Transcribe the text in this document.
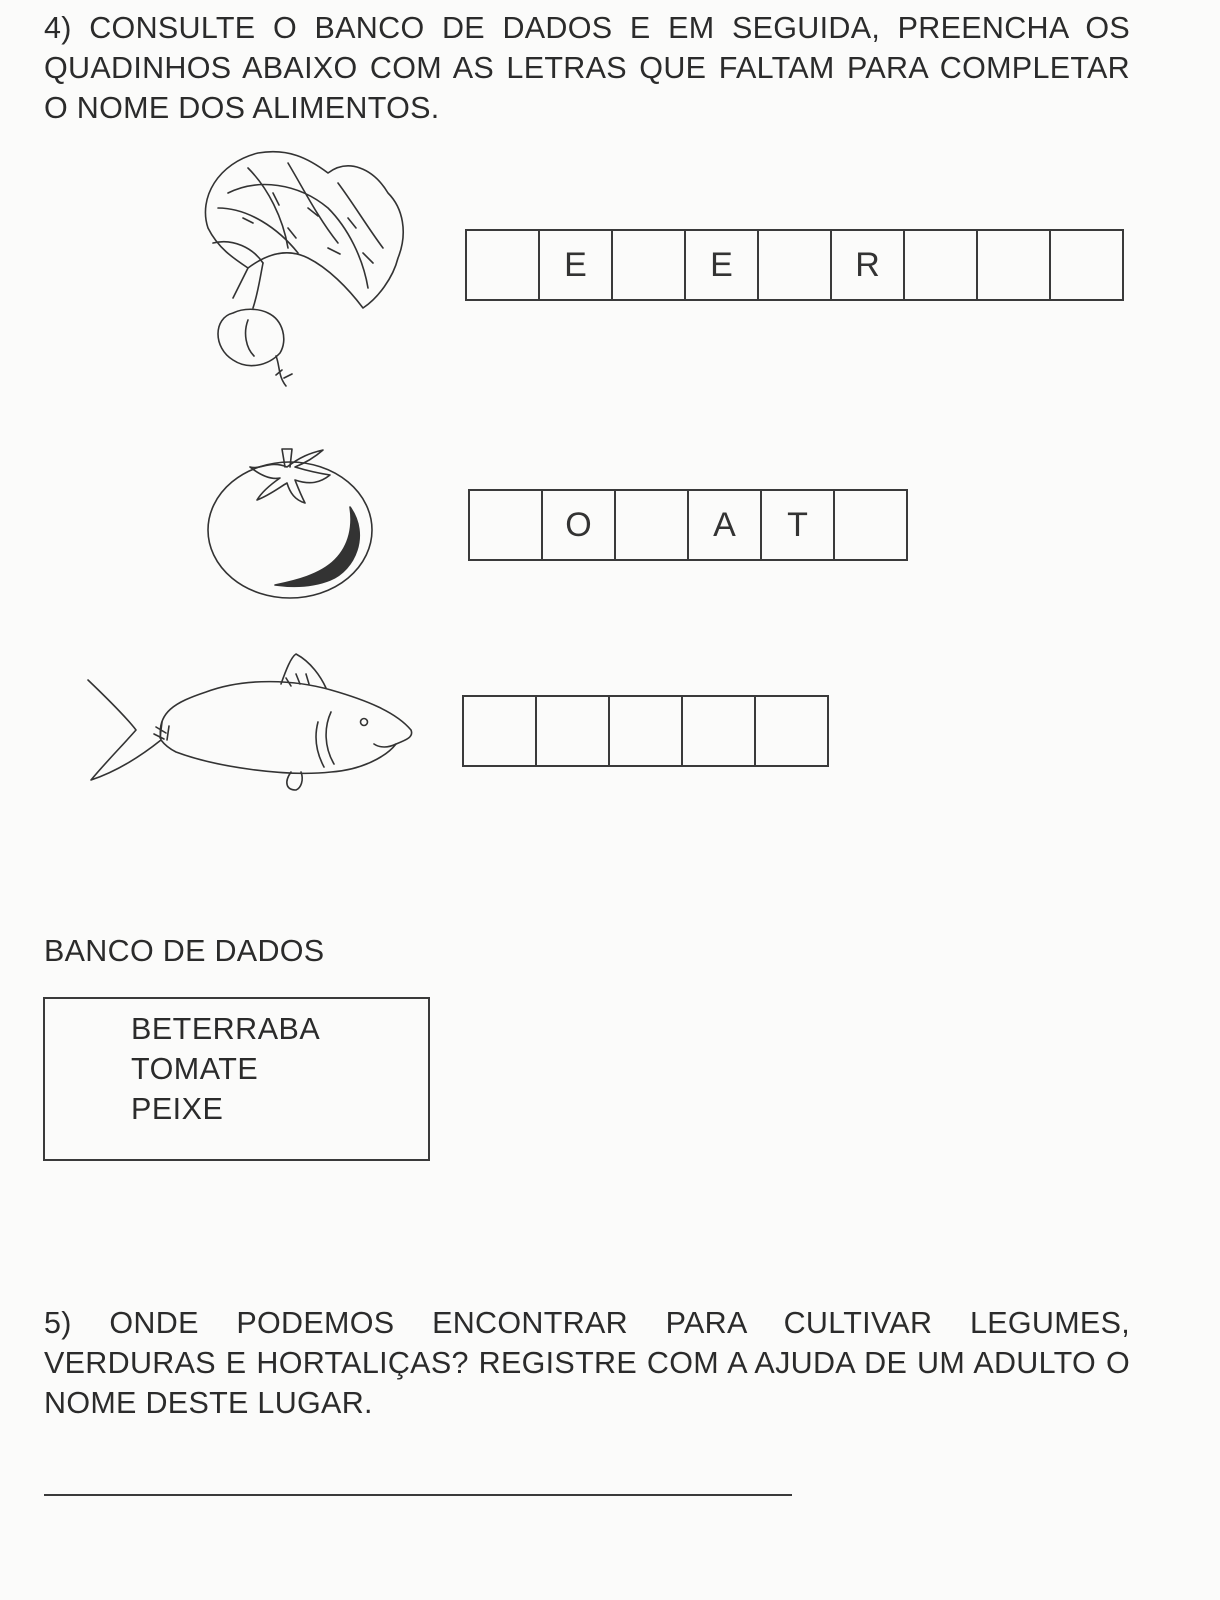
4) CONSULTE O BANCO DE DADOS E EM SEGUIDA, PREENCHA OS QUADINHOS ABAIXO COM AS LETRAS QUE FALTAM PARA COMPLETAR O NOME DOS ALIMENTOS.
E	E	R
O	A	T
BANCO DE DADOS
BETERRABA
TOMATE
PEIXE
5) ONDE PODEMOS ENCONTRAR PARA CULTIVAR LEGUMES, VERDURAS E HORTALIÇAS? REGISTRE COM A AJUDA DE UM ADULTO O NOME DESTE LUGAR.
